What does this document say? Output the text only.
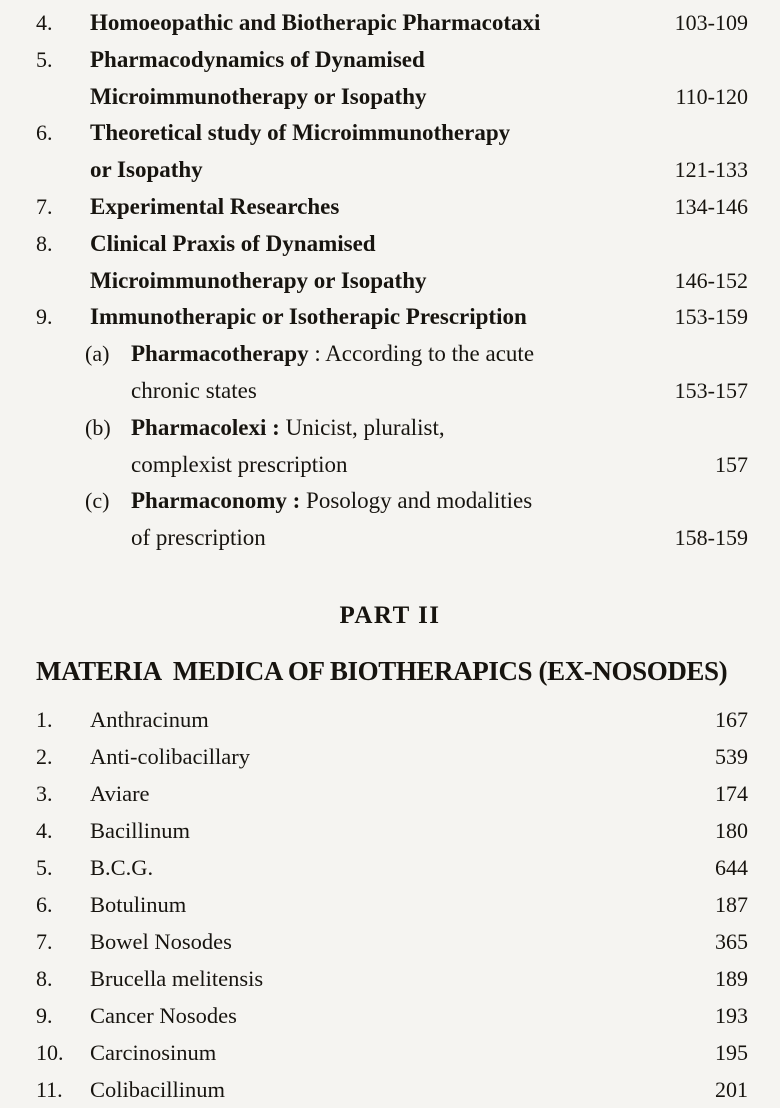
4.	Homoeopathic and Biotherapic Pharmacotaxi	103-109
5.	Pharmacodynamics of Dynamised
Microimmunotherapy or Isopathy	110-120
6.	Theoretical study of Microimmunotherapy
or Isopathy	121-133
7.	Experimental Researches	134-146
8.	Clinical Praxis of Dynamised
Microimmunotherapy or Isopathy	146-152
9.	Immunotherapic or Isotherapic Prescription	153-159
(a) Pharmacotherapy : According to the acute
chronic states	153-157
(b) Pharmacolexi : Unicist, pluralist,
complexist prescription	157
(c) Pharmaconomy : Posology and modalities
of prescription	158-159
PART II
MATERIA  MEDICA OF BIOTHERAPICS (EX-NOSODES)
1.	Anthracinum	167
2.	Anti-colibacillary	539
3.	Aviare	174
4.	Bacillinum	180
5.	B.C.G.	644
6.	Botulinum	187
7.	Bowel Nosodes	365
8.	Brucella melitensis	189
9.	Cancer Nosodes	193
10.	Carcinosinum	195
11.	Colibacillinum	201
